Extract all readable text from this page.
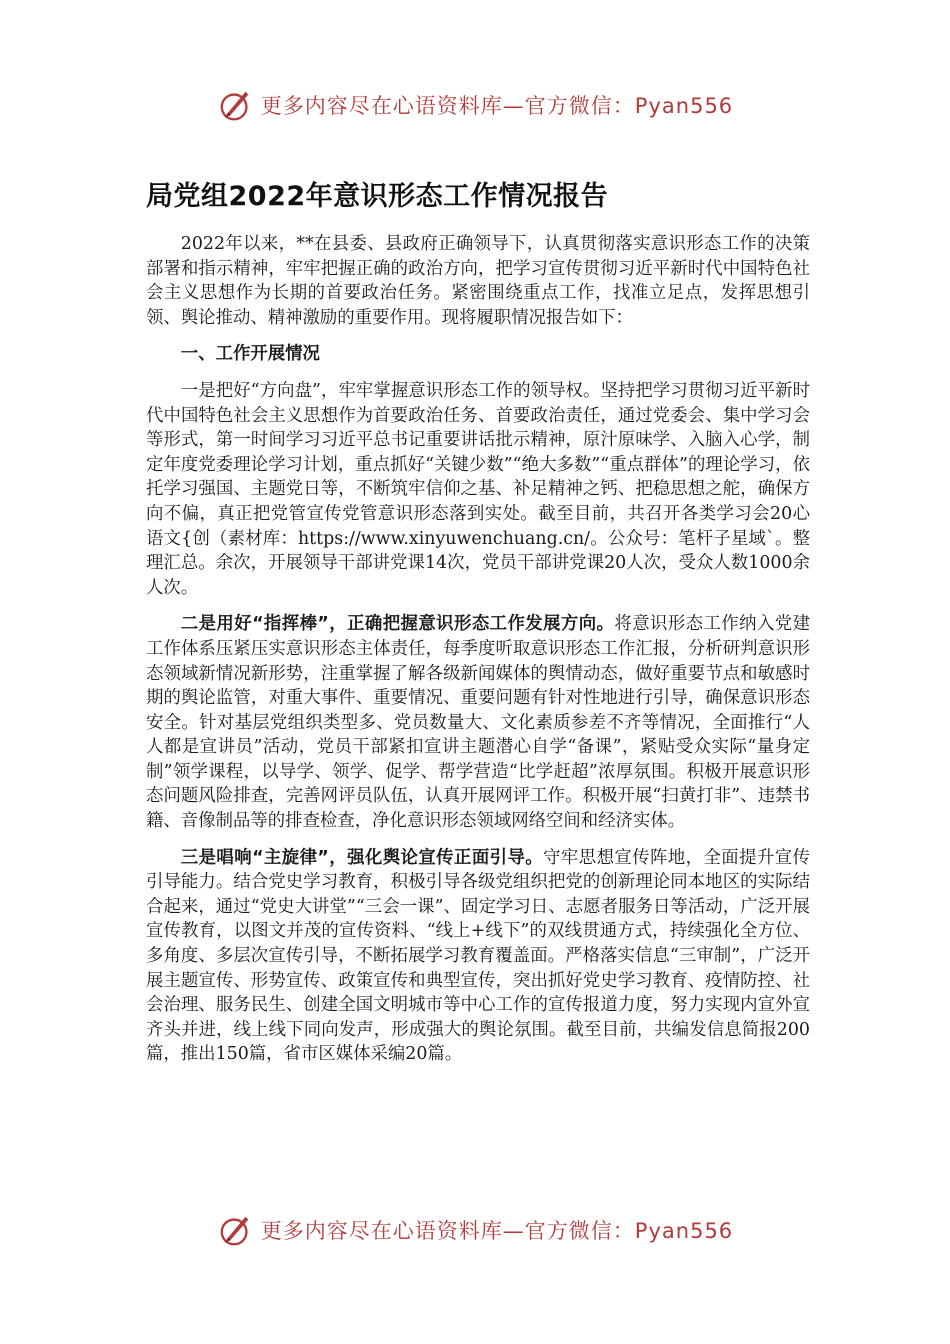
更多内容尽在心语资料库—官方微信：Pyan556
局党组2022年意识形态工作情况报告

2022年以来，**在县委、县政府正确领导下，认真贯彻落实意识形态工作的决策部署和指示精神，牢牢把握正确的政治方向，把学习宣传贯彻习近平新时代中国特色社会主义思想作为长期的首要政治任务。紧密围绕重点工作，找准立足点，发挥思想引领、舆论推动、精神激励的重要作用。现将履职情况报告如下：

一、工作开展情况

一是把好“方向盘”，牢牢掌握意识形态工作的领导权。坚持把学习贯彻习近平新时代中国特色社会主义思想作为首要政治任务、首要政治责任，通过党委会、集中学习会等形式，第一时间学习习近平总书记重要讲话批示精神，原汁原味学、入脑入心学，制定年度党委理论学习计划，重点抓好“关键少数”“绝大多数”“重点群体”的理论学习，依托学习强国、主题党日等，不断筑牢信仰之基、补足精神之钙、把稳思想之舵，确保方向不偏，真正把党管宣传党管意识形态落到实处。截至目前，共召开各类学习会20心语文{创（素材库：https://www.xinyuwenchuang.cn/。公众号：笔杆子星域`。整理汇总。余次，开展领导干部讲党课14次，党员干部讲党课20人次，受众人数1000余人次。

二是用好“指挥棒”，正确把握意识形态工作发展方向。将意识形态工作纳入党建工作体系压紧压实意识形态主体责任，每季度听取意识形态工作汇报，分析研判意识形态领域新情况新形势，注重掌握了解各级新闻媒体的舆情动态，做好重要节点和敏感时期的舆论监管，对重大事件、重要情况、重要问题有针对性地进行引导，确保意识形态安全。针对基层党组织类型多、党员数量大、文化素质参差不齐等情况，全面推行“人人都是宣讲员”活动，党员干部紧扣宣讲主题潜心自学“备课”，紧贴受众实际“量身定制”领学课程，以导学、领学、促学、帮学营造“比学赶超”浓厚氛围。积极开展意识形态问题风险排查，完善网评员队伍，认真开展网评工作。积极开展“扫黄打非”、违禁书籍、音像制品等的排查检查，净化意识形态领域网络空间和经济实体。

三是唱响“主旋律”，强化舆论宣传正面引导。守牢思想宣传阵地，全面提升宣传引导能力。结合党史学习教育，积极引导各级党组织把党的创新理论同本地区的实际结合起来，通过“党史大讲堂”“三会一课”、固定学习日、志愿者服务日等活动，广泛开展宣传教育，以图文并茂的宣传资料、“线上+线下”的双线贯通方式，持续强化全方位、多角度、多层次宣传引导，不断拓展学习教育覆盖面。严格落实信息“三审制”，广泛开展主题宣传、形势宣传、政策宣传和典型宣传，突出抓好党史学习教育、疫情防控、社会治理、服务民生、创建全国文明城市等中心工作的宣传报道力度，努力实现内宣外宣齐头并进，线上线下同向发声，形成强大的舆论氛围。截至目前，共编发信息简报200篇，推出150篇，省市区媒体采编20篇。

更多内容尽在心语资料库—官方微信：Pyan556
